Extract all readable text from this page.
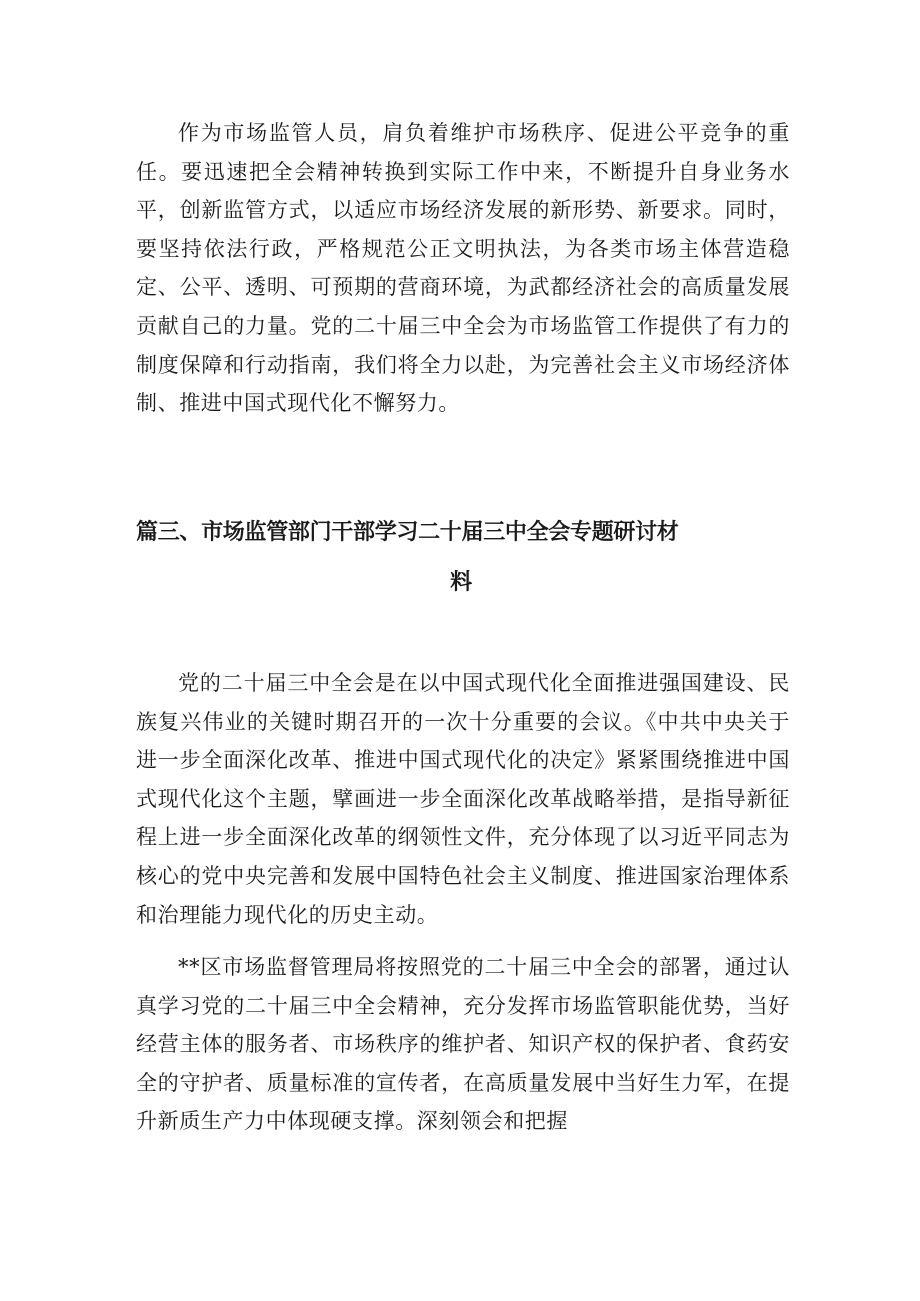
作为市场监管人员，肩负着维护市场秩序、促进公平竞争的重任。要迅速把全会精神转换到实际工作中来，不断提升自身业务水平，创新监管方式，以适应市场经济发展的新形势、新要求。同时，要坚持依法行政，严格规范公正文明执法，为各类市场主体营造稳定、公平、透明、可预期的营商环境，为武都经济社会的高质量发展贡献自己的力量。党的二十届三中全会为市场监管工作提供了有力的制度保障和行动指南，我们将全力以赴，为完善社会主义市场经济体制、推进中国式现代化不懈努力。

篇三、市场监管部门干部学习二十届三中全会专题研讨材
料

党的二十届三中全会是在以中国式现代化全面推进强国建设、民族复兴伟业的关键时期召开的一次十分重要的会议。《中共中央关于进一步全面深化改革、推进中国式现代化的决定》紧紧围绕推进中国式现代化这个主题，擘画进一步全面深化改革战略举措，是指导新征程上进一步全面深化改革的纲领性文件，充分体现了以习近平同志为核心的党中央完善和发展中国特色社会主义制度、推进国家治理体系和治理能力现代化的历史主动。

**区市场监督管理局将按照党的二十届三中全会的部署，通过认真学习党的二十届三中全会精神，充分发挥市场监管职能优势，当好经营主体的服务者、市场秩序的维护者、知识产权的保护者、食药安全的守护者、质量标准的宣传者，在高质量发展中当好生力军，在提升新质生产力中体现硬支撑。深刻领会和把握
